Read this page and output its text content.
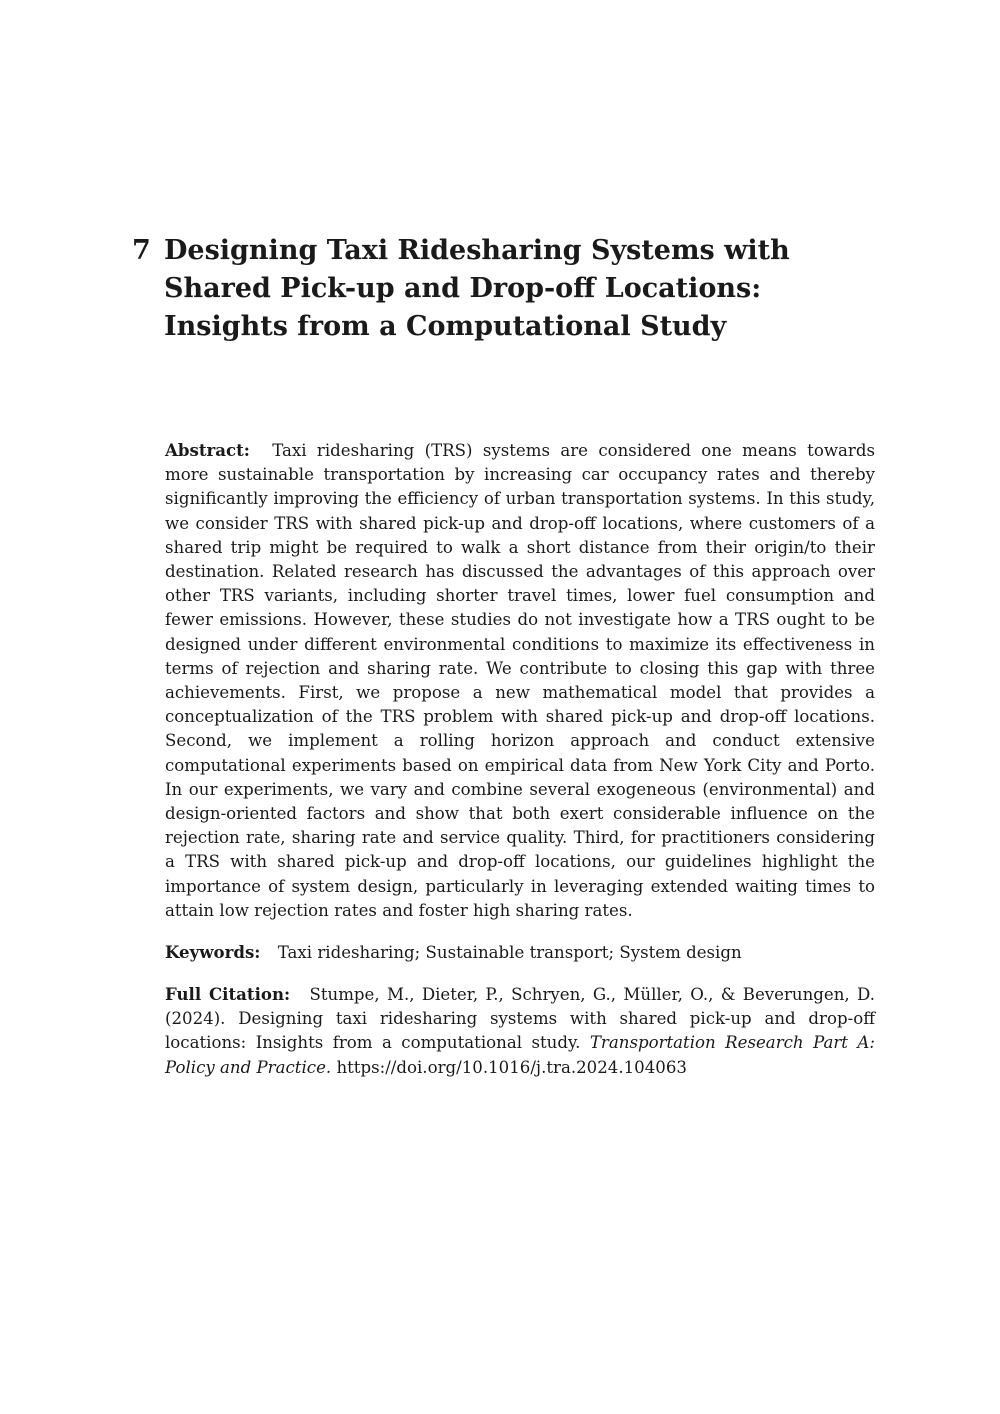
7 Designing Taxi Ridesharing Systems with Shared Pick-up and Drop-off Locations: Insights from a Computational Study

Abstract: Taxi ridesharing (TRS) systems are considered one means towards more sustainable transportation by increasing car occupancy rates and thereby significantly improving the efficiency of urban transportation systems. In this study, we consider TRS with shared pick-up and drop-off locations, where customers of a shared trip might be required to walk a short distance from their origin/to their destination. Related research has discussed the advantages of this approach over other TRS variants, including shorter travel times, lower fuel consumption and fewer emissions. However, these studies do not investigate how a TRS ought to be designed under different environmental conditions to maximize its effectiveness in terms of rejection and sharing rate. We contribute to closing this gap with three achievements. First, we propose a new mathematical model that provides a conceptualization of the TRS problem with shared pick-up and drop-off locations. Second, we implement a rolling horizon approach and conduct extensive computational experiments based on empirical data from New York City and Porto. In our experiments, we vary and combine several exogeneous (environmental) and design-oriented factors and show that both exert considerable influence on the rejection rate, sharing rate and service quality. Third, for practitioners considering a TRS with shared pick-up and drop-off locations, our guidelines highlight the importance of system design, particularly in leveraging extended waiting times to attain low rejection rates and foster high sharing rates.

Keywords: Taxi ridesharing; Sustainable transport; System design

Full Citation: Stumpe, M., Dieter, P., Schryen, G., Müller, O., & Beverungen, D. (2024). Designing taxi ridesharing systems with shared pick-up and drop-off locations: Insights from a computational study. Transportation Research Part A: Policy and Practice. https://doi.org/10.1016/j.tra.2024.104063
